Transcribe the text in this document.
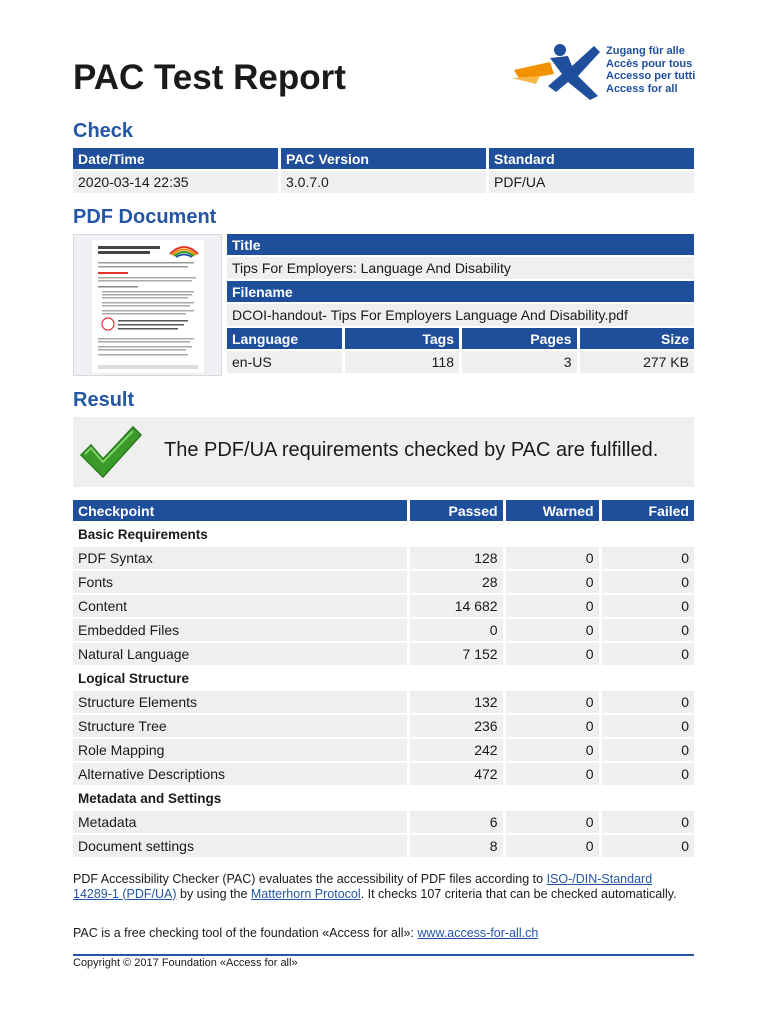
PAC Test Report
Zugang für alle
Accès pour tous
Accesso per tutti
Access for all
Check
Date/Time	PAC Version	Standard
2020-03-14 22:35	3.0.7.0	PDF/UA
PDF Document
Title			
Tips For Employers: Language And Disability			
Filename			
DCOI-handout- Tips For Employers Language And Disability.pdf			
Language	Tags	Pages	Size
en-US	118	3	277 KB
Result
The PDF/UA requirements checked by PAC are fulfilled.
Checkpoint	Passed	Warned	Failed
Basic Requirements			
PDF Syntax	128	0	0
Fonts	28	0	0
Content	14 682	0	0
Embedded Files	0	0	0
Natural Language	7 152	0	0
Logical Structure			
Structure Elements	132	0	0
Structure Tree	236	0	0
Role Mapping	242	0	0
Alternative Descriptions	472	0	0
Metadata and Settings			
Metadata	6	0	0
Document settings	8	0	0
PDF Accessibility Checker (PAC) evaluates the accessibility of PDF files according to ISO-/DIN-Standard 14289-1 (PDF/UA) by using the Matterhorn Protocol. It checks 107 criteria that can be checked automatically.
PAC is a free checking tool of the foundation «Access for all»: www.access-for-all.ch
Copyright © 2017 Foundation «Access for all»
